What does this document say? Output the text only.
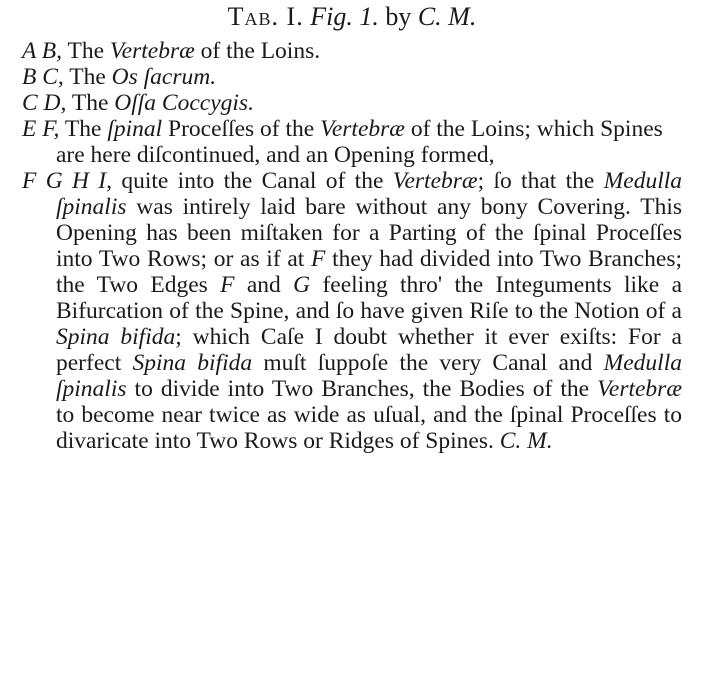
Tab. I. Fig. 1. by C. M.

A B, The Vertebræ of the Loins.

B C, The Os ſacrum.

C D, The Oſſa Coccygis.

E F, The ſpinal Proceſſes of the Vertebræ of the Loins; which Spines are here diſcontinued, and an Opening formed,

F G H I, quite into the Canal of the Vertebræ; ſo that the Medulla ſpinalis was intirely laid bare without any bony Covering. This Opening has been miſtaken for a Parting of the ſpinal Proceſſes into Two Rows; or as if at F they had divided into Two Branches; the Two Edges F and G feeling thro' the Integuments like a Bifurcation of the Spine, and ſo have given Riſe to the Notion of a Spina bifida; which Caſe I doubt whether it ever exiſts: For a perfect Spina bifida muſt ſuppoſe the very Canal and Medulla ſpinalis to divide into Two Branches, the Bodies of the Vertebræ to become near twice as wide as uſual, and the ſpinal Proceſſes to divaricate into Two Rows or Ridges of Spines. C. M.
